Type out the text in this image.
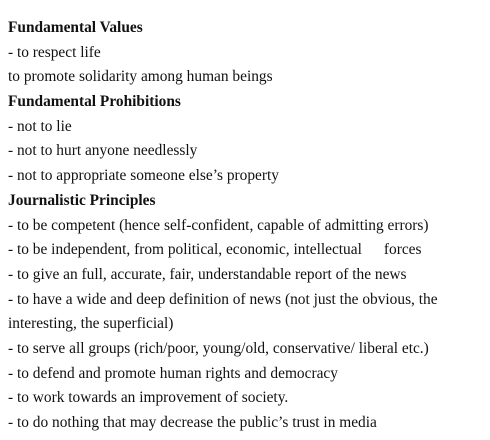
Fundamental Values
- to respect life
to promote solidarity among human beings
Fundamental Prohibitions
- not to lie
- not to hurt anyone needlessly
- not to appropriate someone else’s property
Journalistic Principles
- to be competent (hence self-confident, capable of admitting errors)
- to be independent, from political, economic, intellectual forces
- to give an full, accurate, fair, understandable report of the news
- to have a wide and deep definition of news (not just the obvious, the
interesting, the superficial)
- to serve all groups (rich/poor, young/old, conservative/ liberal etc.)
- to defend and promote human rights and democracy
- to work towards an improvement of society.
- to do nothing that may decrease the public’s trust in media
